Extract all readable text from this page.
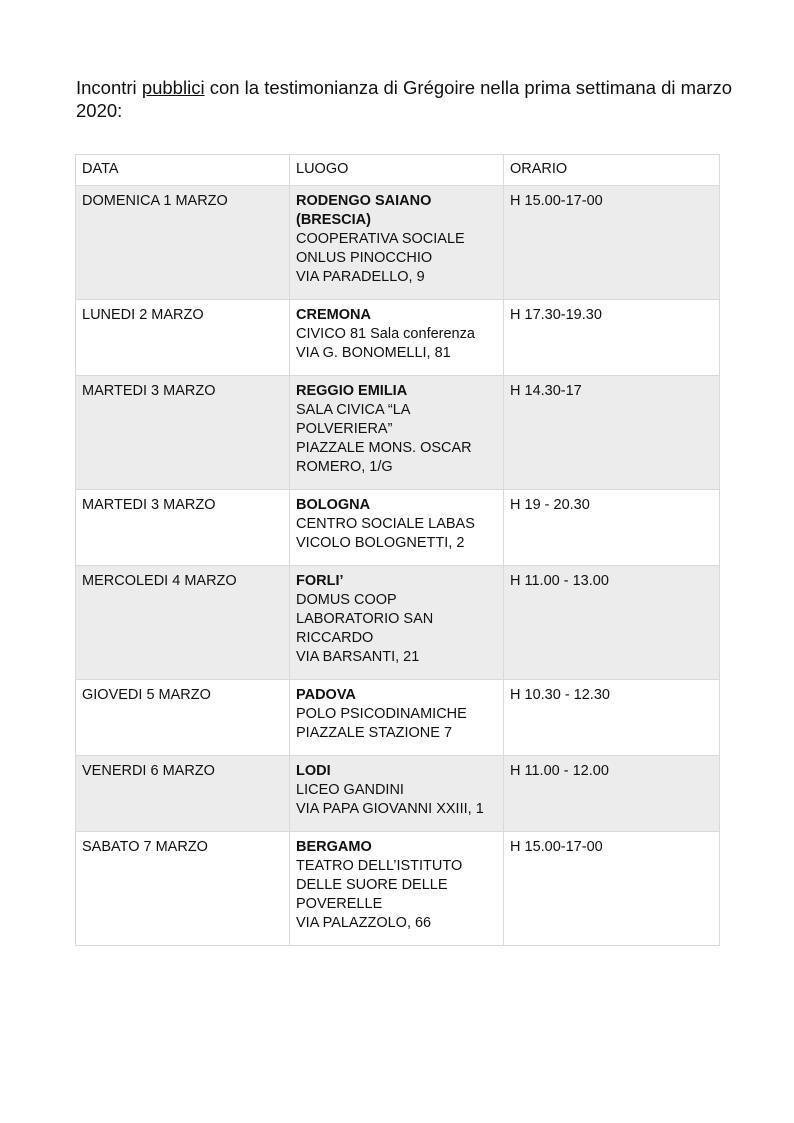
Incontri pubblici con la testimonianza di Grégoire nella prima settimana di marzo 2020:

DATA	LUOGO	ORARIO
DOMENICA 1 MARZO	RODENGO SAIANO (BRESCIA)
COOPERATIVA SOCIALE ONLUS PINOCCHIO
VIA PARADELLO, 9	H 15.00-17-00
LUNEDI 2 MARZO	CREMONA
CIVICO 81 Sala conferenza
VIA G. BONOMELLI, 81	H 17.30-19.30
MARTEDI 3 MARZO	REGGIO EMILIA
SALA CIVICA “LA POLVERIERA”
PIAZZALE MONS. OSCAR ROMERO, 1/G	H 14.30-17
MARTEDI 3 MARZO	BOLOGNA
CENTRO SOCIALE LABAS
VICOLO BOLOGNETTI, 2	H 19 - 20.30
MERCOLEDI 4 MARZO	FORLI’
DOMUS COOP LABORATORIO SAN RICCARDO
VIA BARSANTI, 21	H 11.00 - 13.00
GIOVEDI 5 MARZO	PADOVA
POLO PSICODINAMICHE
PIAZZALE STAZIONE 7	H 10.30 - 12.30
VENERDI 6 MARZO	LODI
LICEO GANDINI
VIA PAPA GIOVANNI XXIII, 1	H 11.00 - 12.00
SABATO 7 MARZO	BERGAMO
TEATRO DELL’ISTITUTO DELLE SUORE DELLE POVERELLE
VIA PALAZZOLO, 66	H 15.00-17-00
